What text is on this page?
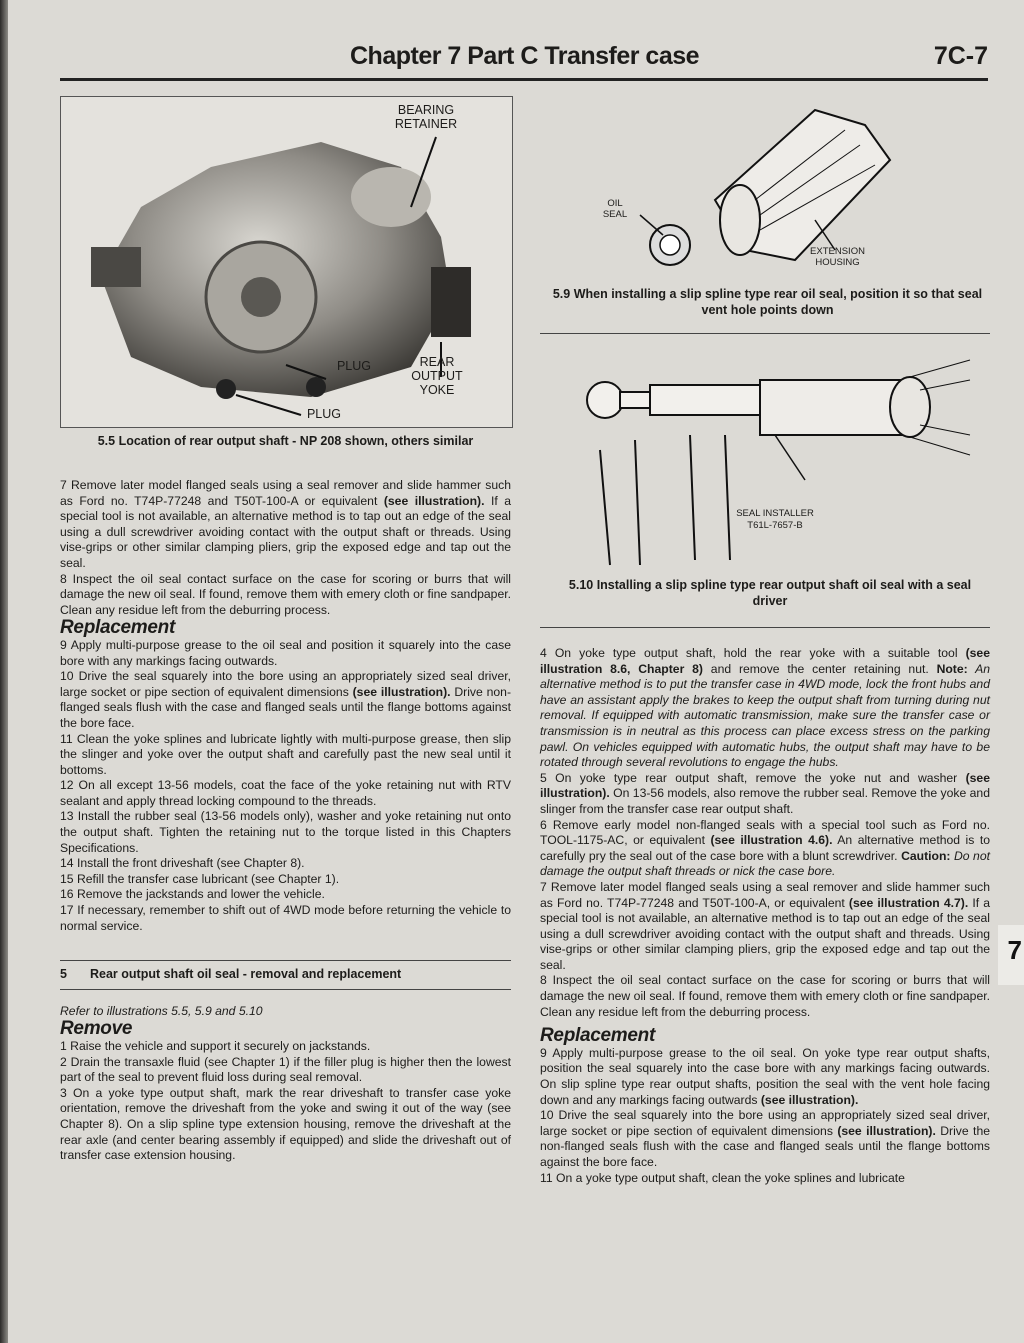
7
Chapter 7 Part C Transfer case	7C-7
BEARING RETAINER
PLUG	REAR OUTPUT YOKE
PLUG
5.5 Location of rear output shaft - NP 208 shown, others similar
OIL SEAL
EXTENSION HOUSING
5.9 When installing a slip spline type rear oil seal, position it so that seal vent hole points down
SEAL INSTALLER
T61L-7657-B
5.10 Installing a slip spline type rear output shaft oil seal with a seal driver

7 Remove later model flanged seals using a seal remover and slide hammer such as Ford no. T74P-77248 and T50T-100-A or equivalent (see illustration). If a special tool is not available, an alternative method is to tap out an edge of the seal using a dull screwdriver avoiding contact with the output shaft or threads. Using vise-grips or other similar clamping pliers, grip the exposed edge and tap out the seal.

8 Inspect the oil seal contact surface on the case for scoring or burrs that will damage the new oil seal. If found, remove them with emery cloth or fine sandpaper. Clean any residue left from the deburring process.

Replacement

9 Apply multi-purpose grease to the oil seal and position it squarely into the case bore with any markings facing outwards.

10 Drive the seal squarely into the bore using an appropriately sized seal driver, large socket or pipe section of equivalent dimensions (see illustration). Drive non-flanged seals flush with the case and flanged seals until the flange bottoms against the bore face.

11 Clean the yoke splines and lubricate lightly with multi-purpose grease, then slip the slinger and yoke over the output shaft and carefully past the new seal until it bottoms.

12 On all except 13-56 models, coat the face of the yoke retaining nut with RTV sealant and apply thread locking compound to the threads.

13 Install the rubber seal (13-56 models only), washer and yoke retaining nut onto the output shaft. Tighten the retaining nut to the torque listed in this Chapters Specifications.

14 Install the front driveshaft (see Chapter 8).

15 Refill the transfer case lubricant (see Chapter 1).

16 Remove the jackstands and lower the vehicle.

17 If necessary, remember to shift out of 4WD mode before returning the vehicle to normal service.

5 Rear output shaft oil seal - removal and replacement

Refer to illustrations 5.5, 5.9 and 5.10

Remove

1 Raise the vehicle and support it securely on jackstands.

2 Drain the transaxle fluid (see Chapter 1) if the filler plug is higher then the lowest part of the seal to prevent fluid loss during seal removal.

3 On a yoke type output shaft, mark the rear driveshaft to transfer case yoke orientation, remove the driveshaft from the yoke and swing it out of the way (see Chapter 8). On a slip spline type extension housing, remove the driveshaft at the rear axle (and center bearing assembly if equipped) and slide the driveshaft out of transfer case extension housing.

4 On yoke type output shaft, hold the rear yoke with a suitable tool (see illustration 8.6, Chapter 8) and remove the center retaining nut. Note: An alternative method is to put the transfer case in 4WD mode, lock the front hubs and have an assistant apply the brakes to keep the output shaft from turning during nut removal. If equipped with automatic transmission, make sure the transfer case or transmission is in neutral as this process can place excess stress on the parking pawl. On vehicles equipped with automatic hubs, the output shaft may have to be rotated through several revolutions to engage the hubs.

5 On yoke type rear output shaft, remove the yoke nut and washer (see illustration). On 13-56 models, also remove the rubber seal. Remove the yoke and slinger from the transfer case rear output shaft.

6 Remove early model non-flanged seals with a special tool such as Ford no. TOOL-1175-AC, or equivalent (see illustration 4.6). An alternative method is to carefully pry the seal out of the case bore with a blunt screwdriver. Caution: Do not damage the output shaft threads or nick the case bore.

7 Remove later model flanged seals using a seal remover and slide hammer such as Ford no. T74P-77248 and T50T-100-A, or equivalent (see illustration 4.7). If a special tool is not available, an alternative method is to tap out an edge of the seal using a dull screwdriver avoiding contact with the output shaft and threads. Using vise-grips or other similar clamping pliers, grip the exposed edge and tap out the seal.

8 Inspect the oil seal contact surface on the case for scoring or burrs that will damage the new oil seal. If found, remove them with emery cloth or fine sandpaper. Clean any residue left from the deburring process.

Replacement

9 Apply multi-purpose grease to the oil seal. On yoke type rear output shafts, position the seal squarely into the case bore with any markings facing outwards. On slip spline type rear output shafts, position the seal with the vent hole facing down and any markings facing outwards (see illustration).

10 Drive the seal squarely into the bore using an appropriately sized seal driver, large socket or pipe section of equivalent dimensions (see illustration). Drive the non-flanged seals flush with the case and flanged seals until the flange bottoms against the bore face.

11 On a yoke type output shaft, clean the yoke splines and lubricate
